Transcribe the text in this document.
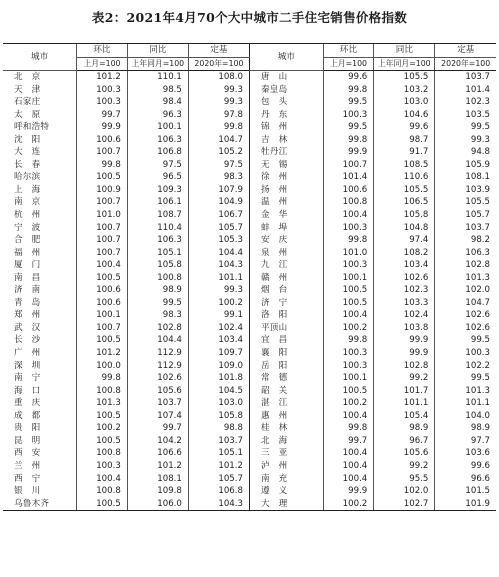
表2：2021年4月70个大中城市二手住宅销售价格指数
城市	环比	同比	定基	城市	环比	同比	定基
	上月=100	上年同月=100	2020年=100		上月=100	上年同月=100	2020年=100
北　京	101.2	110.1	108.0	唐　山	99.6	105.5	103.7
天　津	100.3	98.5	99.3	秦皇岛	99.8	103.2	101.4
石家庄	100.3	98.4	99.3	包　头	99.5	103.0	102.3
太　原	99.7	96.3	97.8	丹　东	100.3	104.6	103.5
呼和浩特	99.9	100.1	99.8	锦　州	99.5	99.6	99.5
沈　阳	100.6	106.3	104.7	吉　林	99.8	98.7	99.3
大　连	100.7	106.8	105.2	牡丹江	99.9	91.7	94.8
长　春	99.8	97.5	97.5	无　锡	100.7	108.5	105.9
哈尔滨	100.5	96.5	98.3	徐　州	101.4	110.6	108.1
上　海	100.9	109.3	107.9	扬　州	100.6	105.5	103.9
南　京	100.7	106.1	104.9	温　州	100.8	106.5	105.5
杭　州	101.0	108.7	106.7	金　华	100.4	105.8	105.7
宁　波	100.7	110.4	105.7	蚌　埠	100.3	104.8	103.7
合　肥	100.7	106.3	105.3	安　庆	99.8	97.4	98.2
福　州	100.7	105.1	104.4	泉　州	101.0	108.2	106.3
厦　门	100.4	105.8	104.3	九　江	100.3	103.4	102.8
南　昌	100.5	100.8	101.1	赣　州	100.1	102.6	101.3
济　南	100.6	98.9	99.3	烟　台	100.5	102.3	102.0
青　岛	100.6	99.5	100.2	济　宁	100.5	103.3	104.7
郑　州	100.1	98.3	99.1	洛　阳	100.4	102.4	102.6
武　汉	100.7	102.8	102.4	平顶山	100.2	103.8	102.6
长　沙	100.5	104.4	103.4	宜　昌	99.8	99.9	99.5
广　州	101.2	112.9	109.7	襄　阳	100.3	99.9	100.3
深　圳	100.0	112.9	109.0	岳　阳	100.3	102.8	102.2
南　宁	99.8	102.6	101.8	常　德	100.1	99.2	99.5
海　口	100.8	105.6	104.5	韶　关	100.5	101.7	101.3
重　庆	101.3	103.7	103.0	湛　江	100.2	101.1	101.1
成　都	100.5	107.4	105.8	惠　州	100.4	105.4	104.0
贵　阳	100.2	99.7	98.8	桂　林	99.8	98.9	98.9
昆　明	100.5	104.2	103.7	北　海	99.7	96.7	97.7
西　安	100.8	106.6	105.1	三　亚	100.4	105.6	103.6
兰　州	100.3	101.2	101.2	泸　州	100.4	99.2	99.6
西　宁	100.4	108.1	105.7	南　充	100.4	95.5	96.6
银　川	100.8	109.8	106.8	遵　义	99.9	102.0	101.5
乌鲁木齐	100.5	106.0	104.3	大　理	100.2	102.7	101.9
